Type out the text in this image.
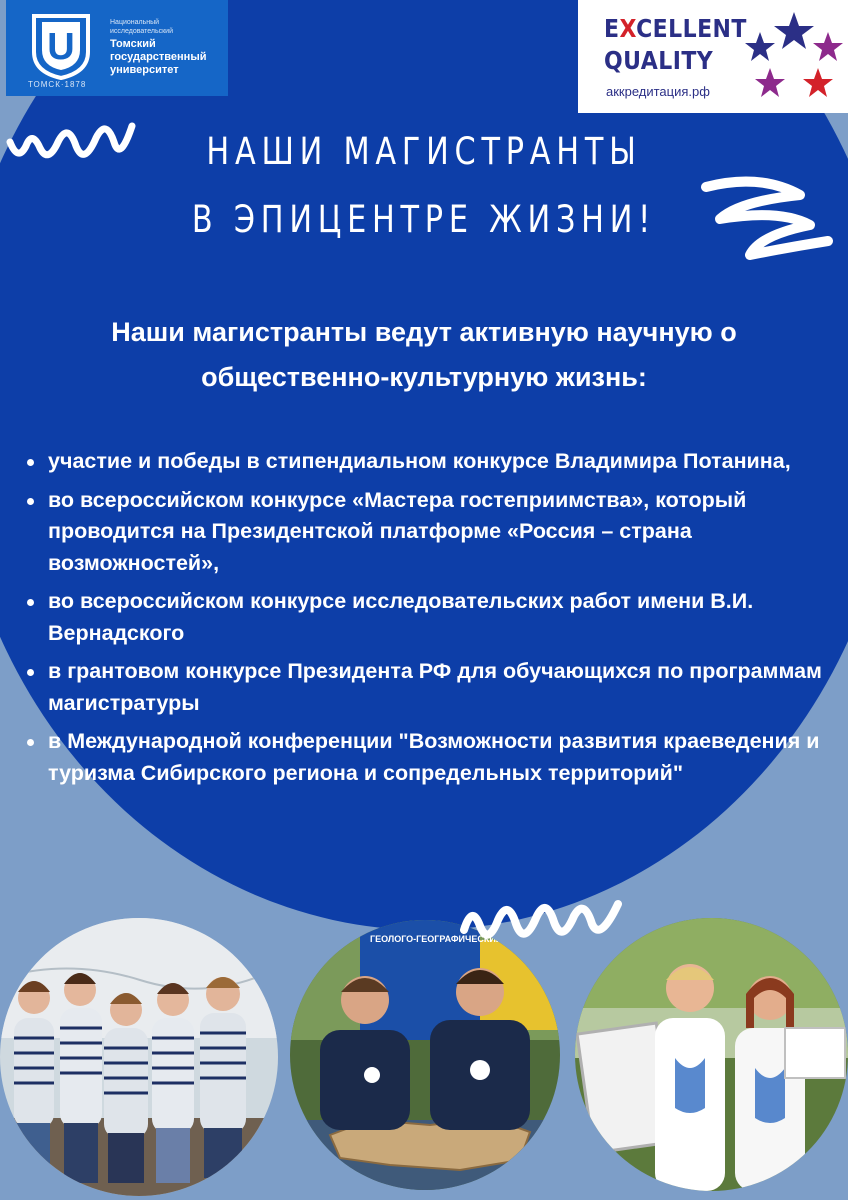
U
ТОМСК·1878
Национальный исследовательский
Томский государственный университет
EXCELLENT
QUALITY
аккредитация.рф
НАШИ МАГИСТРАНТЫ
В ЭПИЦЕНТРЕ ЖИЗНИ!
Наши магистранты ведут активную научную о
общественно-культурную жизнь:
участие и победы в стипендиальном конкурсе Владимира Потанина,
во всероссийском конкурсе «Мастера гостеприимства», который проводится на Президентской платформе «Россия – страна возможностей»,
во всероссийском конкурсе исследовательских работ имени В.И. Вернадского
в грантовом конкурсе Президента РФ для обучающихся по программам магистратуры
в Международной конференции "Возможности развития краеведения и туризма Сибирского региона и сопредельных территорий"
ГЕОЛОГО-ГЕОГРАФИЧЕСКИЙ ФАКУЛЬТЕТ
